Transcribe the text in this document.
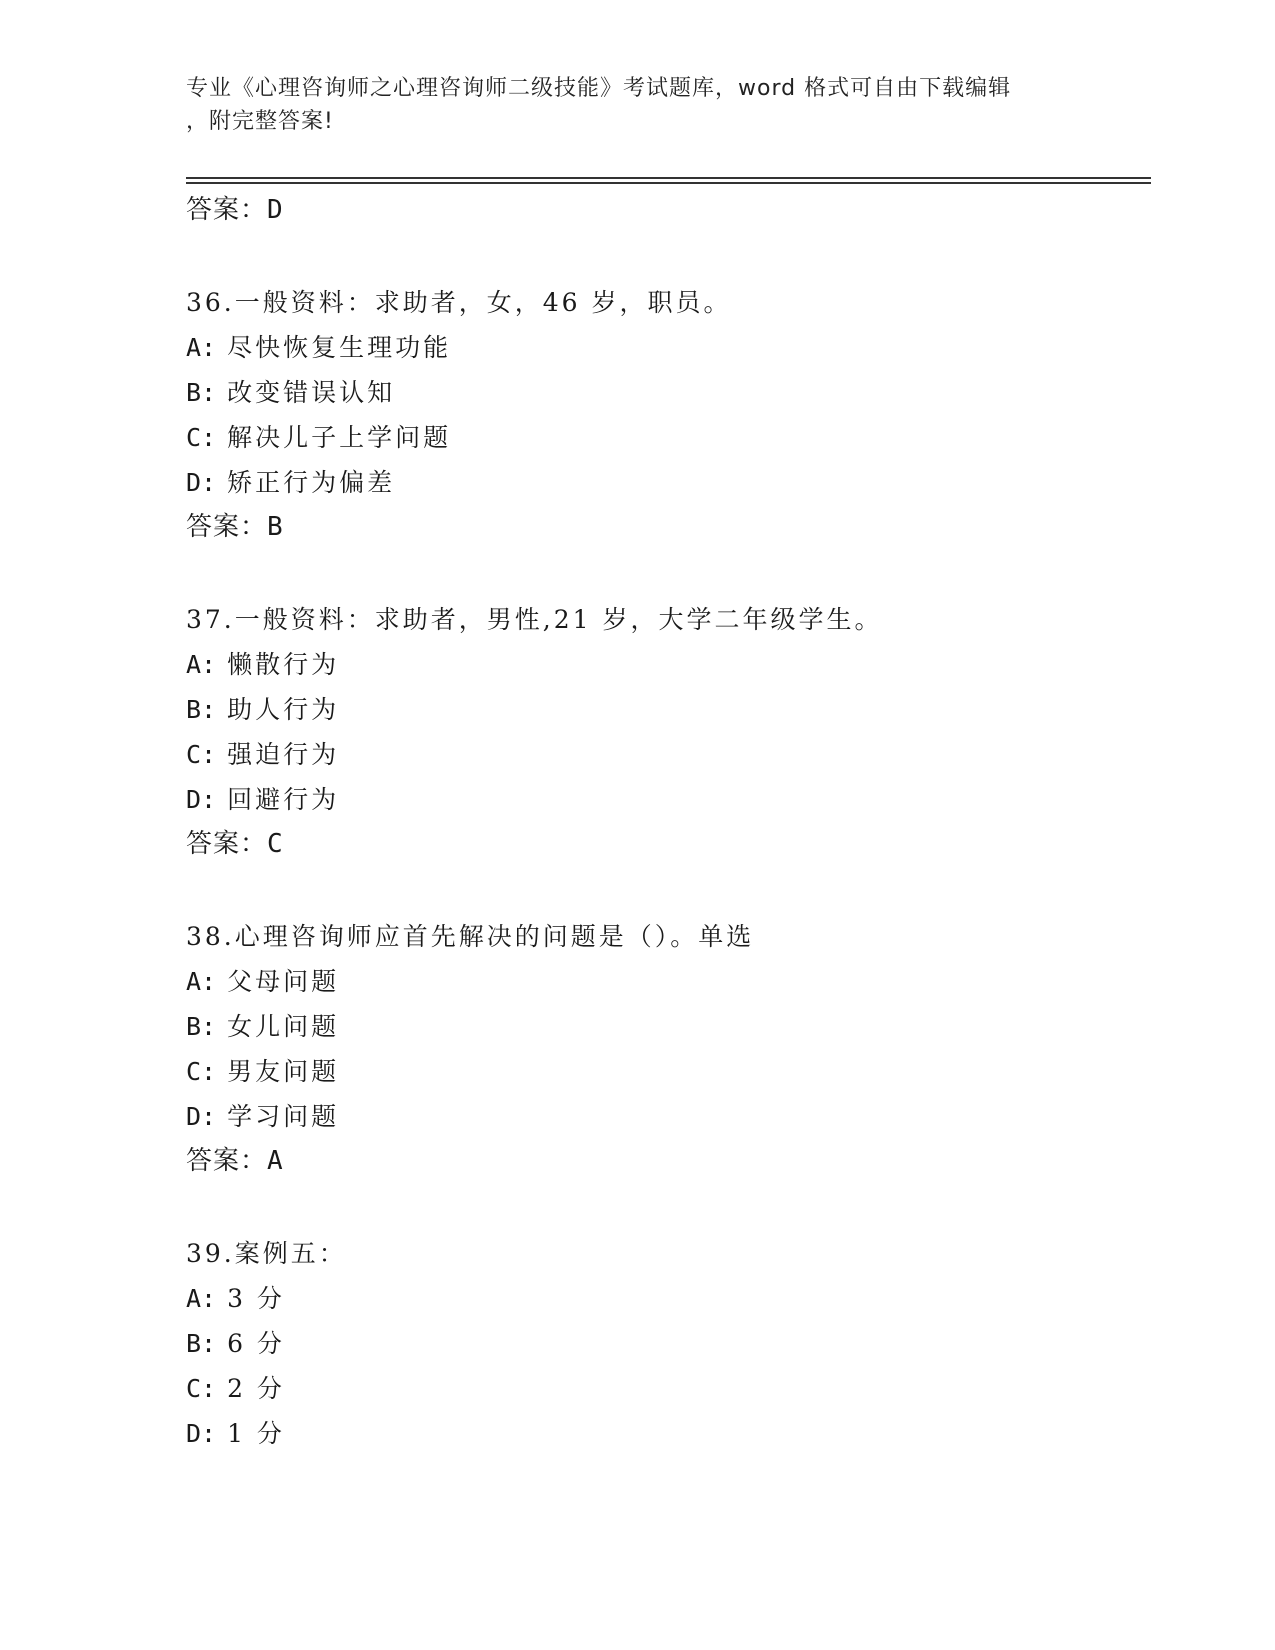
专业《心理咨询师之心理咨询师二级技能》考试题库，word 格式可自由下载编辑
，附完整答案!
答案：D
36.一般资料：求助者，女，46 岁，职员。
A: 尽快恢复生理功能
B: 改变错误认知
C: 解决儿子上学问题
D: 矫正行为偏差
答案：B
37.一般资料：求助者，男性,21 岁，大学二年级学生。
A: 懒散行为
B: 助人行为
C: 强迫行为
D: 回避行为
答案：C
38.心理咨询师应首先解决的问题是（）。单选
A: 父母问题
B: 女儿问题
C: 男友问题
D: 学习问题
答案：A
39.案例五：
A: 3 分
B: 6 分
C: 2 分
D: 1 分
